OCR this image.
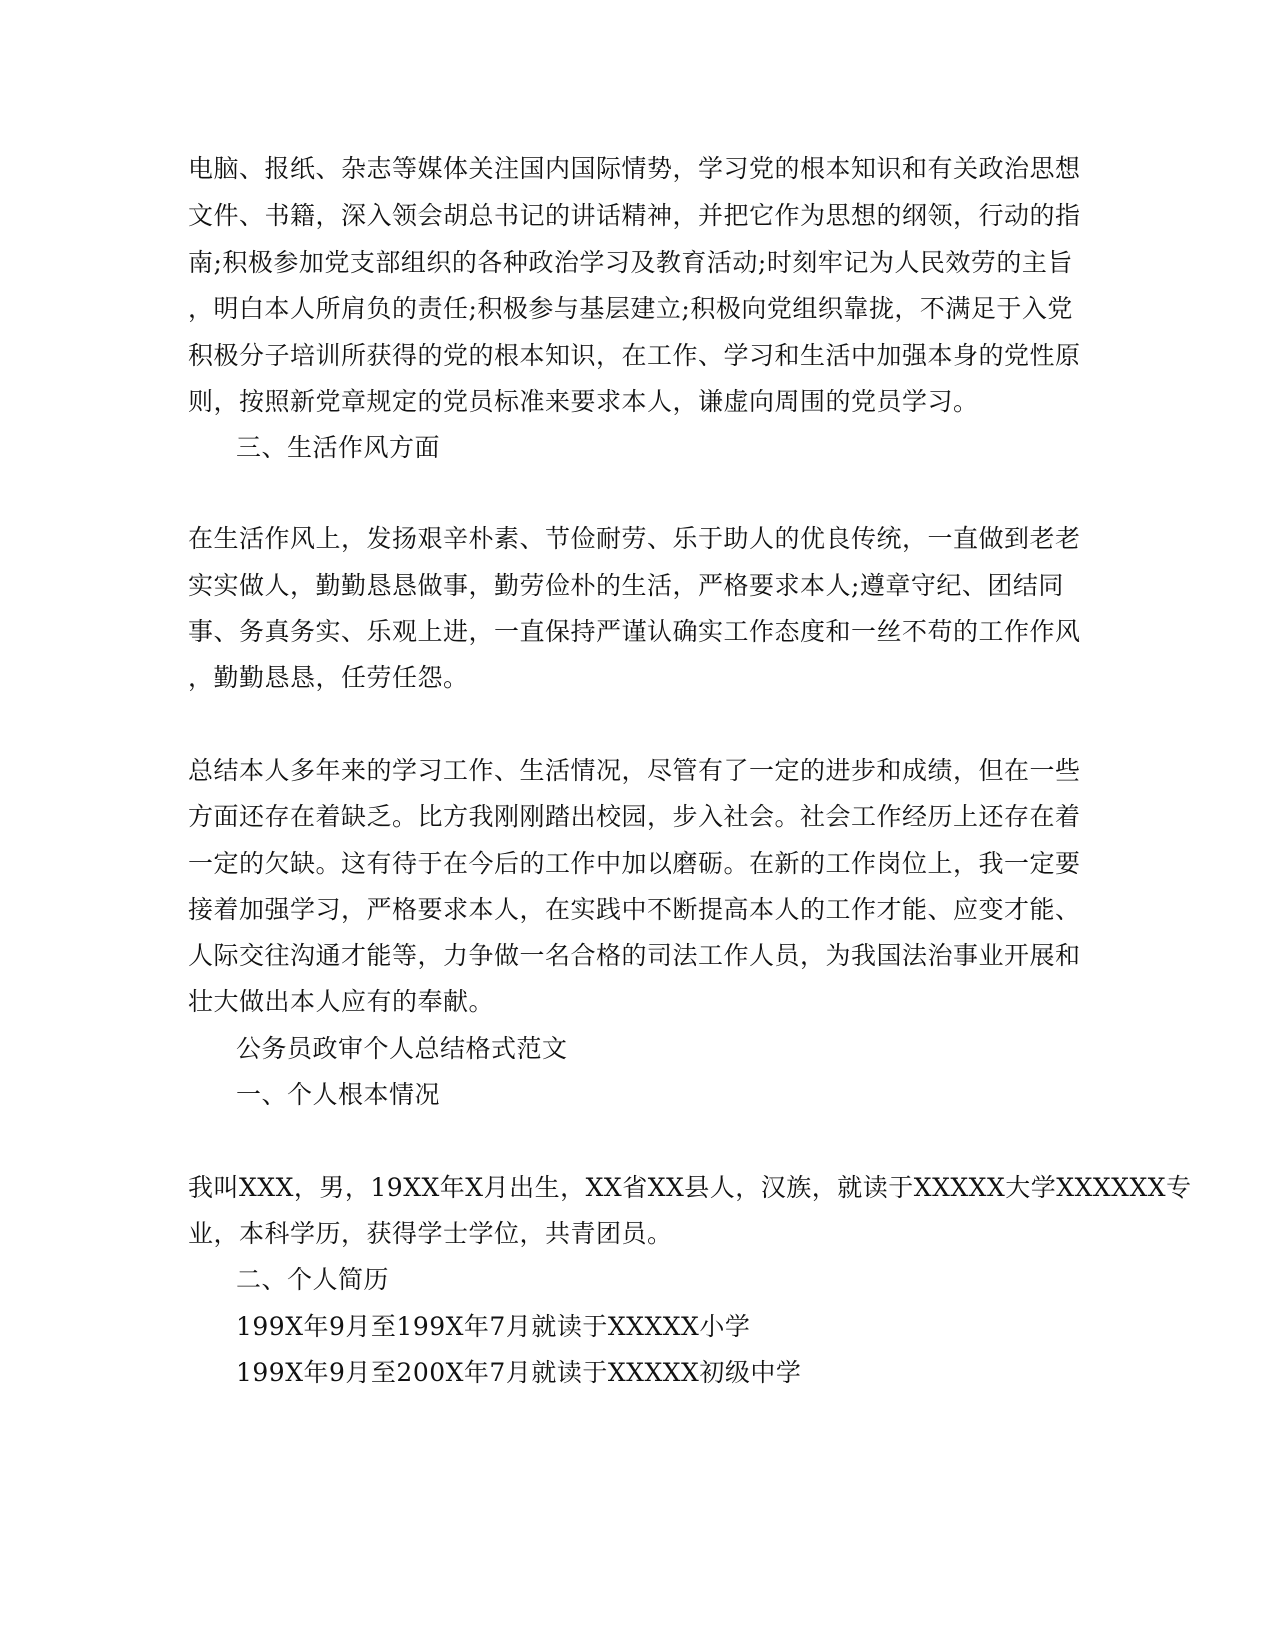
电脑、报纸、杂志等媒体关注国内国际情势，学习党的根本知识和有关政治思想

文件、书籍，深入领会胡总书记的讲话精神，并把它作为思想的纲领，行动的指

南;积极参加党支部组织的各种政治学习及教育活动;时刻牢记为人民效劳的主旨

，明白本人所肩负的责任;积极参与基层建立;积极向党组织靠拢，不满足于入党

积极分子培训所获得的党的根本知识，在工作、学习和生活中加强本身的党性原

则，按照新党章规定的党员标准来要求本人，谦虚向周围的党员学习。

三、生活作风方面

在生活作风上，发扬艰辛朴素、节俭耐劳、乐于助人的优良传统，一直做到老老

实实做人，勤勤恳恳做事，勤劳俭朴的生活，严格要求本人;遵章守纪、团结同

事、务真务实、乐观上进，一直保持严谨认确实工作态度和一丝不苟的工作作风

，勤勤恳恳，任劳任怨。

总结本人多年来的学习工作、生活情况，尽管有了一定的进步和成绩，但在一些

方面还存在着缺乏。比方我刚刚踏出校园，步入社会。社会工作经历上还存在着

一定的欠缺。这有待于在今后的工作中加以磨砺。在新的工作岗位上，我一定要

接着加强学习，严格要求本人，在实践中不断提高本人的工作才能、应变才能、

人际交往沟通才能等，力争做一名合格的司法工作人员，为我国法治事业开展和

壮大做出本人应有的奉献。

公务员政审个人总结格式范文

一、个人根本情况

我叫XXX，男，19XX年X月出生，XX省XX县人，汉族，就读于XXXXX大学XXXXXX专

业，本科学历，获得学士学位，共青团员。

二、个人简历

199X年9月至199X年7月就读于XXXXX小学

199X年9月至200X年7月就读于XXXXX初级中学
